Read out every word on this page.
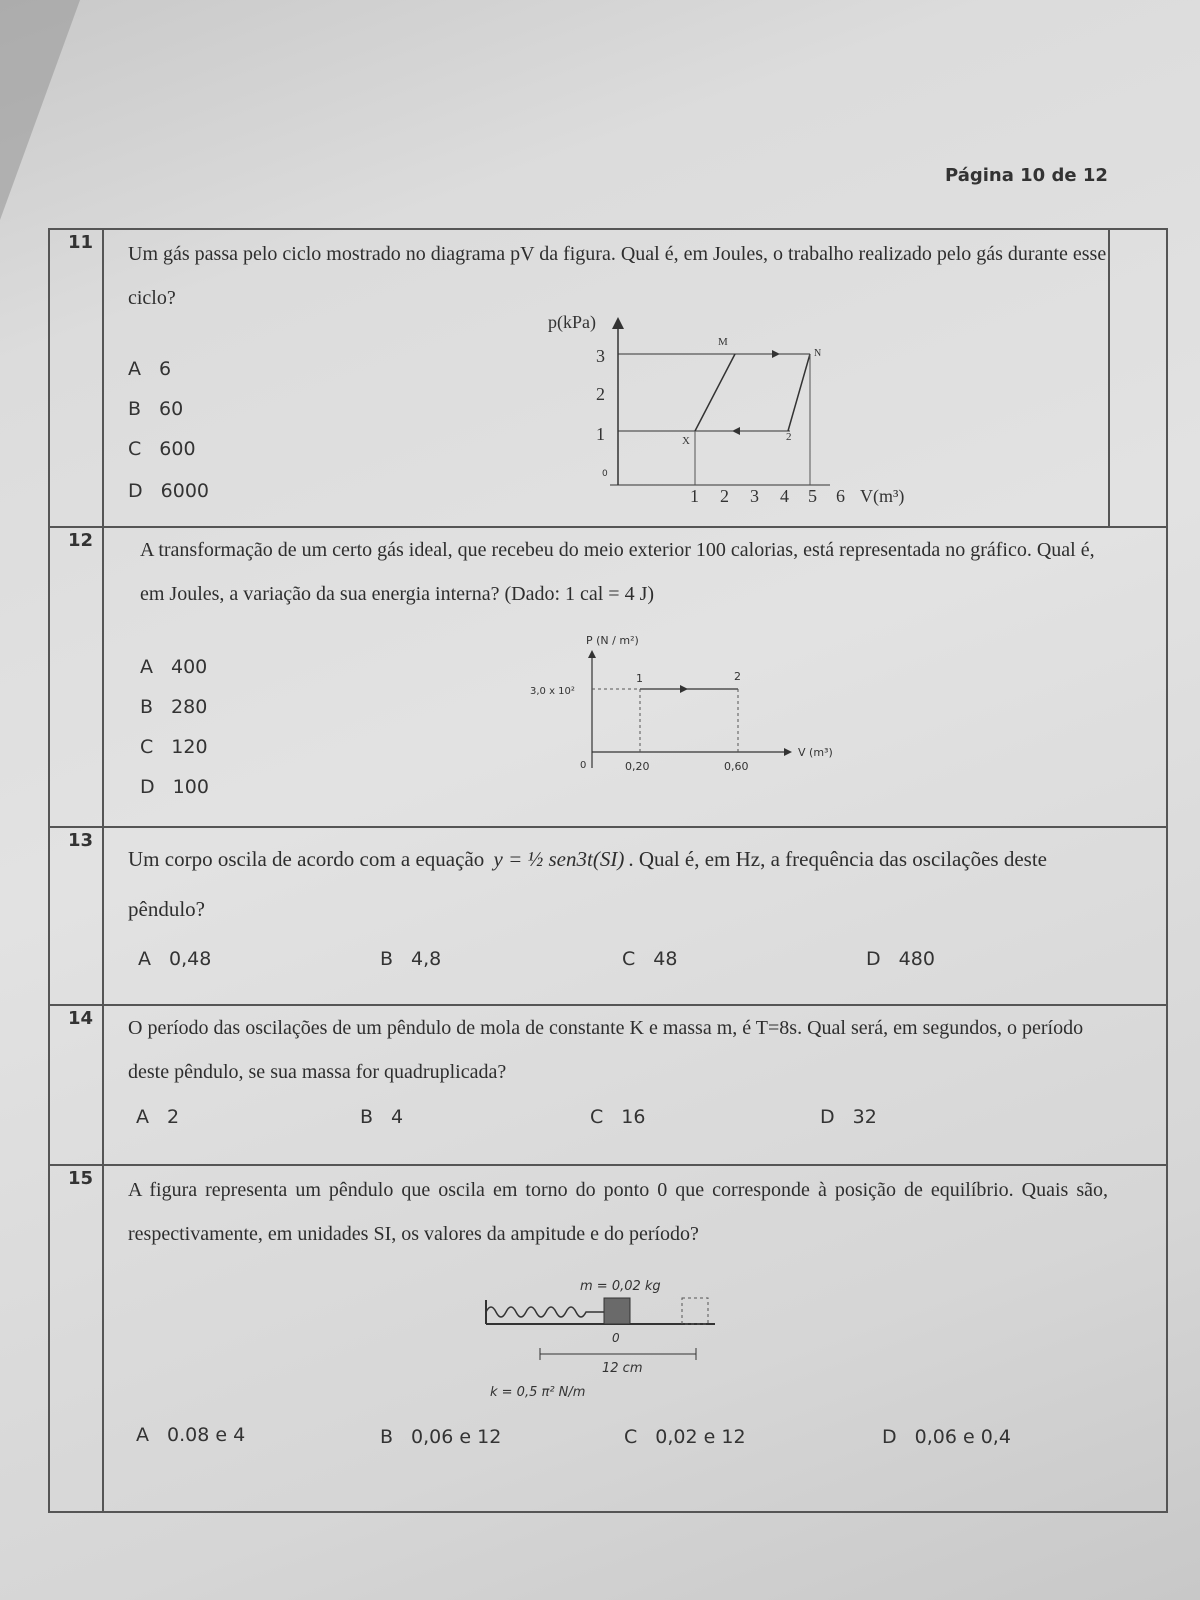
Página 10 de 12
11
Um gás passa pelo ciclo mostrado no diagrama pV da figura. Qual é, em Joules, o trabalho realizado pelo gás durante esse ciclo?
A 6
B 60
C 600
D 6000
p(kPa)
3
2
1
0
M
N
X	2
1 2 3 4 5 6 V(m³)
12 A transformação de um certo gás ideal, que recebeu do meio exterior 100 calorias, está representada no gráfico. Qual é, em Joules, a variação da sua energia interna? (Dado: 1 cal = 4 J)
A 400
B 280
C 120
D 100
P (N / m²)
V (m³)
3,0 x 10²
1	2
0	0,20	0,60
13
Um corpo oscila de acordo com a equação y = ½ sen3t(SI) . Qual é, em Hz, a frequência das oscilações deste pêndulo?
A 0,48	B 4,8	C 48	D 480
14 O período das oscilações de um pêndulo de mola de constante K e massa m, é T=8s. Qual será, em segundos, o período deste pêndulo, se sua massa for quadruplicada?
A 2	B 4	C 16	D 32
15
A figura representa um pêndulo que oscila em torno do ponto 0 que corresponde à posição de equilíbrio. Quais são, respectivamente, em unidades SI, os valores da ampitude e do período?
m = 0,02 kg
0
12 cm
k = 0,5 π² N/m
A 0.08 e 4	B 0,06 e 12	C 0,02 e 12	D 0,06 e 0,4
